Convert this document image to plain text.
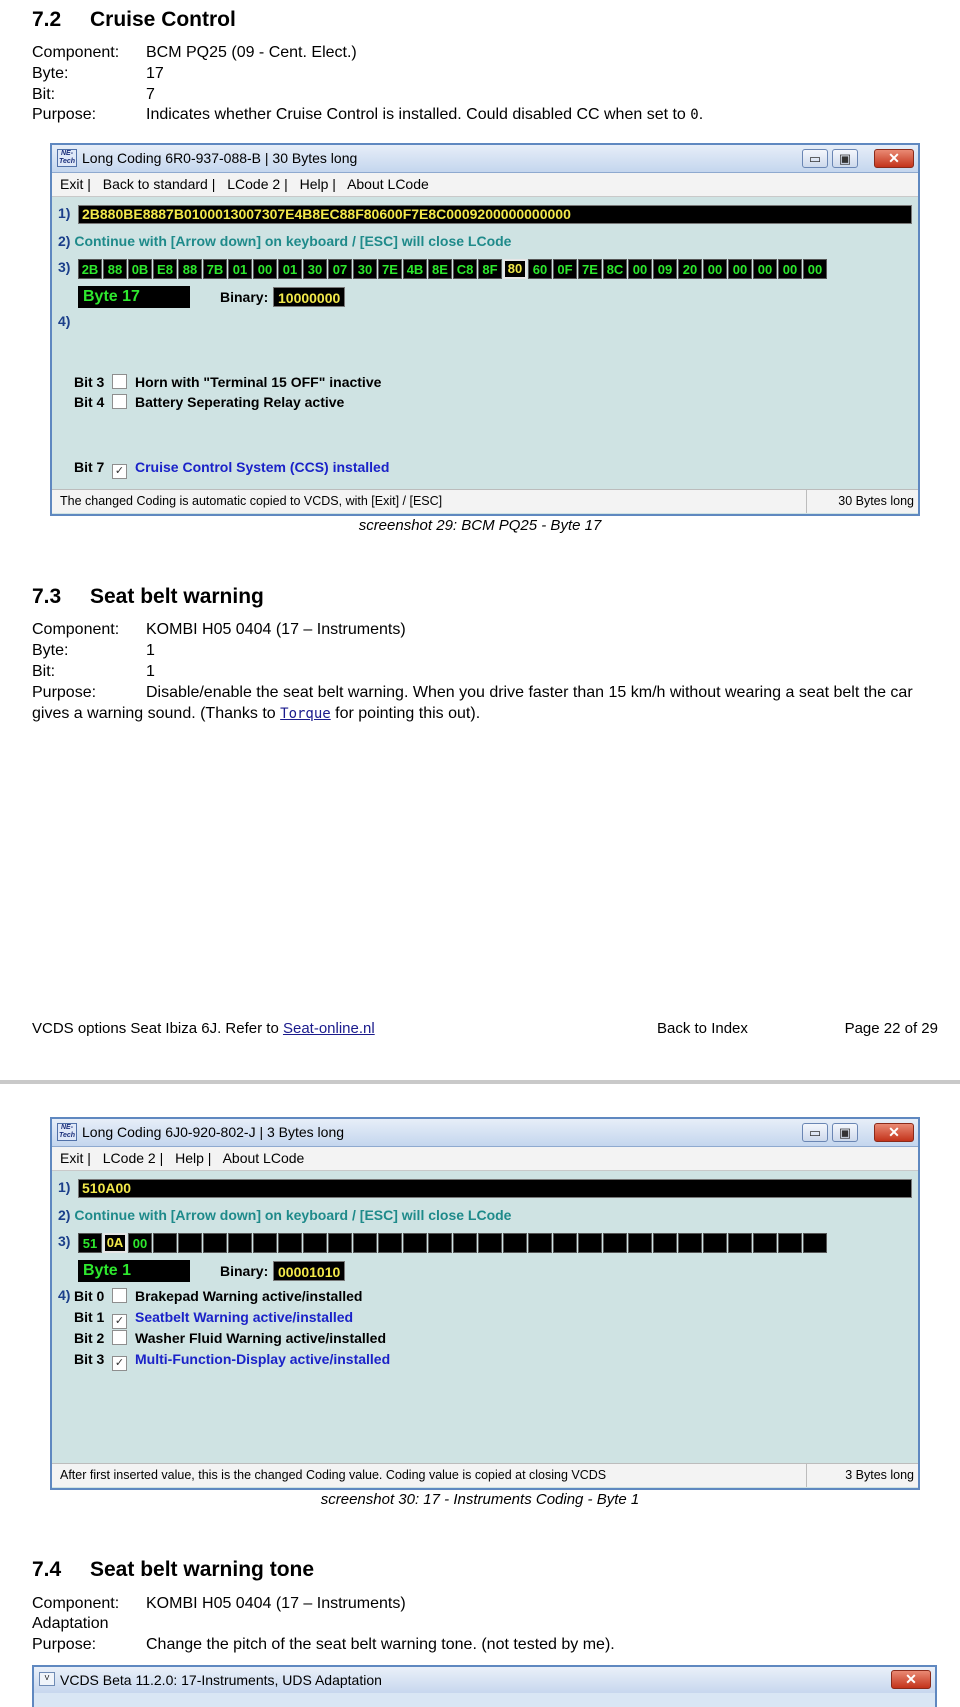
7.2 Cruise Control
Component: BCM PQ25 (09 - Cent. Elect.)
Byte:	17
Bit:	7
Purpose:	Indicates whether Cruise Control is installed. Could disabled CC when set to 0.
NE-
Tech Long Coding 6R0-937-088-B | 30 Bytes long	▭	▣	✕
Exit | Back to standard | LCode 2 | Help | About LCode
1) 2B880BE8887B0100013007307E4B8EC88F80600F7E8C0009200000000000
2) Continue with [Arrow down] on keyboard / [ESC] will close LCode
3) 2B 88 0B E8 88 7B 01 00 01 30 07 30 7E 4B 8E C8 8F 80 60 0F 7E 8C 00 09 20 00 00 00 00 00
Byte 17	Binary: 10000000
4)
Bit 3 Horn with "Terminal 15 OFF" inactive
Bit 4 Battery Seperating Relay active
Bit 7 ✓ Cruise Control System (CCS) installed
The changed Coding is automatic copied to VCDS, with [Exit] / [ESC]	30 Bytes long
screenshot 29: BCM PQ25 - Byte 17
7.3 Seat belt warning
Component: KOMBI H05 0404 (17 – Instruments)
Byte:	1
Bit:	1
Purpose:	Disable/enable the seat belt warning. When you drive faster than 15 km/h without wearing a seat belt the car gives a warning sound. (Thanks to Torque for pointing this out).
VCDS options Seat Ibiza 6J. Refer to Seat-online.nl	Back to Index	Page 22 of 29
NE-
Tech Long Coding 6J0-920-802-J | 3 Bytes long	▭	▣	✕
Exit | LCode 2 | Help | About LCode
1) 510A00
2) Continue with [Arrow down] on keyboard / [ESC] will close LCode
3) 51 0A 00
Byte 1	Binary: 00001010
4) Bit 0 Brakepad Warning active/installed
Bit 1 ✓ Seatbelt Warning active/installed
Bit 2 Washer Fluid Warning active/installed
Bit 3 ✓ Multi-Function-Display active/installed
After first inserted value, this is the changed Coding value. Coding value is copied at closing VCDS	3 Bytes long
screenshot 30: 17 - Instruments Coding - Byte 1
7.4 Seat belt warning tone
Component: KOMBI H05 0404 (17 – Instruments)
Adaptation
Purpose:	Change the pitch of the seat belt warning tone. (not tested by me).
V VCDS Beta 11.2.0: 17-Instruments, UDS Adaptation	✕
